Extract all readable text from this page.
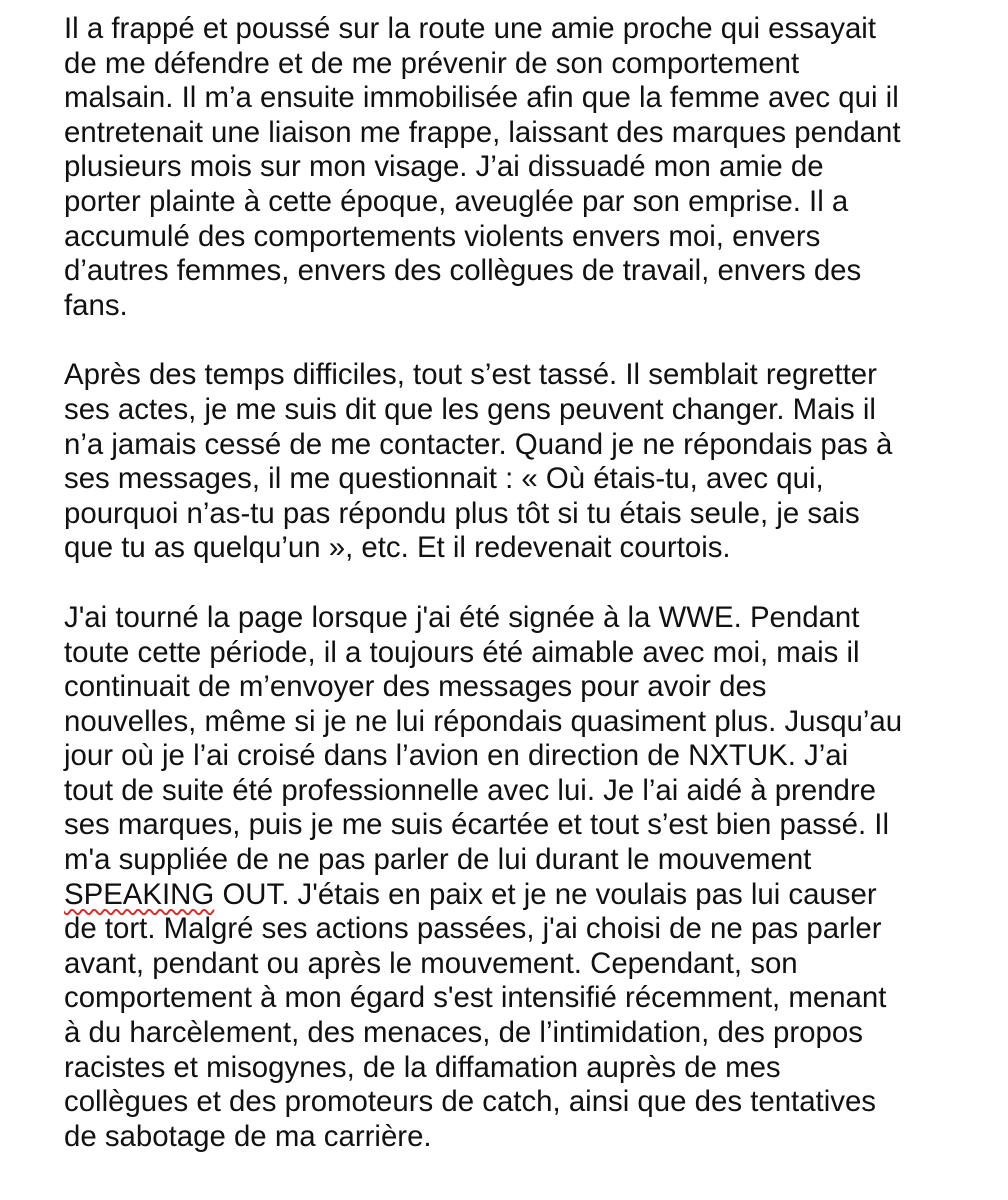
Il a frappé et poussé sur la route une amie proche qui essayait
de me défendre et de me prévenir de son comportement
malsain. Il m’a ensuite immobilisée afin que la femme avec qui il
entretenait une liaison me frappe, laissant des marques pendant
plusieurs mois sur mon visage. J’ai dissuadé mon amie de
porter plainte à cette époque, aveuglée par son emprise. Il a
accumulé des comportements violents envers moi, envers
d’autres femmes, envers des collègues de travail, envers des
fans.

Après des temps difficiles, tout s’est tassé. Il semblait regretter
ses actes, je me suis dit que les gens peuvent changer. Mais il
n’a jamais cessé de me contacter. Quand je ne répondais pas à
ses messages, il me questionnait : « Où étais-tu, avec qui,
pourquoi n’as-tu pas répondu plus tôt si tu étais seule, je sais
que tu as quelqu’un », etc. Et il redevenait courtois.

J'ai tourné la page lorsque j'ai été signée à la WWE. Pendant
toute cette période, il a toujours été aimable avec moi, mais il
continuait de m’envoyer des messages pour avoir des
nouvelles, même si je ne lui répondais quasiment plus. Jusqu’au
jour où je l’ai croisé dans l’avion en direction de NXTUK. J’ai
tout de suite été professionnelle avec lui. Je l’ai aidé à prendre
ses marques, puis je me suis écartée et tout s’est bien passé. Il
m'a suppliée de ne pas parler de lui durant le mouvement
SPEAKING OUT. J'étais en paix et je ne voulais pas lui causer
de tort. Malgré ses actions passées, j'ai choisi de ne pas parler
avant, pendant ou après le mouvement. Cependant, son
comportement à mon égard s'est intensifié récemment, menant
à du harcèlement, des menaces, de l’intimidation, des propos
racistes et misogynes, de la diffamation auprès de mes
collègues et des promoteurs de catch, ainsi que des tentatives
de sabotage de ma carrière.
